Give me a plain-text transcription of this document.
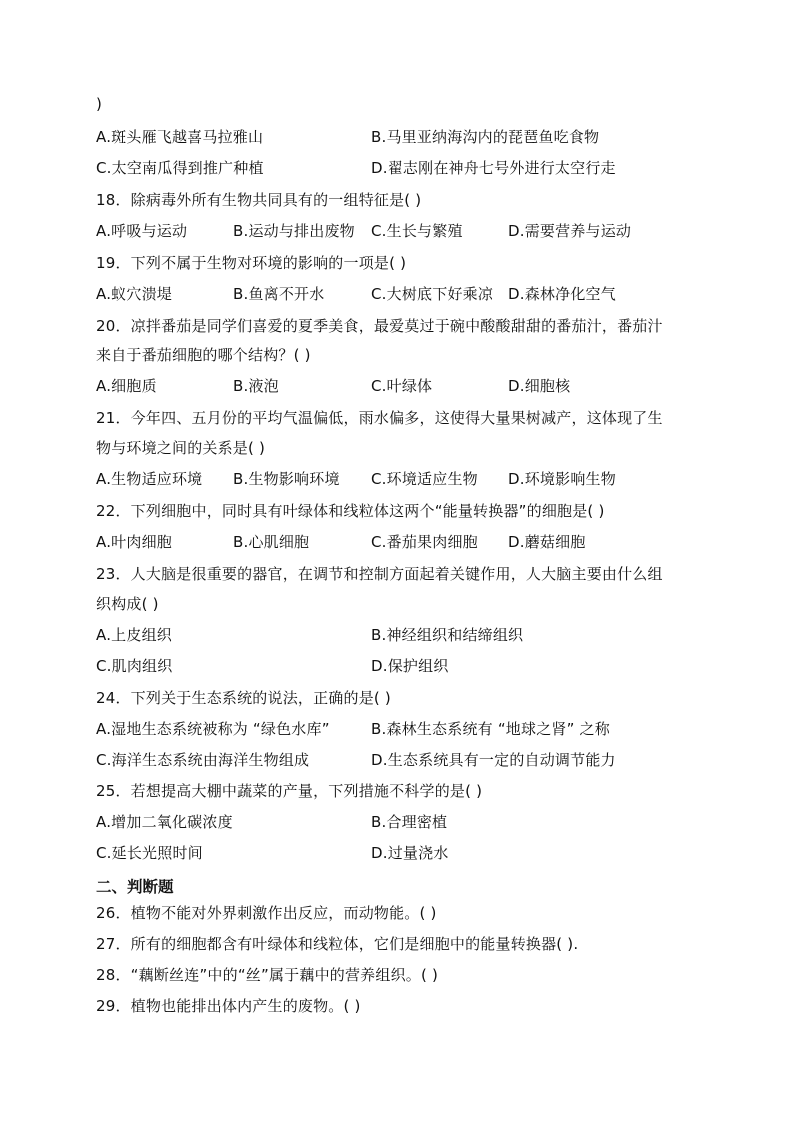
)
A.斑头雁飞越喜马拉雅山	B.马里亚纳海沟内的琵琶鱼吃食物
C.太空南瓜得到推广种植	D.翟志刚在神舟七号外进行太空行走
18．除病毒外所有生物共同具有的一组特征是( )
A.呼吸与运动	B.运动与排出废物 C.生长与繁殖	D.需要营养与运动
19．下列不属于生物对环境的影响的一项是( )
A.蚁穴溃堤	B.鱼离不开水	C.大树底下好乘凉 D.森林净化空气
20．凉拌番茄是同学们喜爱的夏季美食，最爱莫过于碗中酸酸甜甜的番茄汁，番茄汁
来自于番茄细胞的哪个结构？( )
A.细胞质	B.液泡	C.叶绿体	D.细胞核
21．今年四、五月份的平均气温偏低，雨水偏多，这使得大量果树减产，这体现了生
物与环境之间的关系是( )
A.生物适应环境 B.生物影响环境 C.环境适应生物 D.环境影响生物
22．下列细胞中，同时具有叶绿体和线粒体这两个“能量转换器”的细胞是( )
A.叶肉细胞	B.心肌细胞	C.番茄果肉细胞 D.蘑菇细胞
23．人大脑是很重要的器官，在调节和控制方面起着关键作用，人大脑主要由什么组
织构成( )
A.上皮组织	B.神经组织和结缔组织
C.肌肉组织	D.保护组织
24．下列关于生态系统的说法，正确的是( )
A.湿地生态系统被称为 “绿色水库”	B.森林生态系统有 “地球之肾” 之称
C.海洋生态系统由海洋生物组成	D.生态系统具有一定的自动调节能力
25．若想提高大棚中蔬菜的产量，下列措施不科学的是( )
A.增加二氧化碳浓度	B.合理密植
C.延长光照时间	D.过量浇水
二、判断题
26．植物不能对外界刺激作出反应，而动物能。( )
27．所有的细胞都含有叶绿体和线粒体，它们是细胞中的能量转换器( ).
28．“藕断丝连”中的“丝”属于藕中的营养组织。( )
29．植物也能排出体内产生的废物。( )
